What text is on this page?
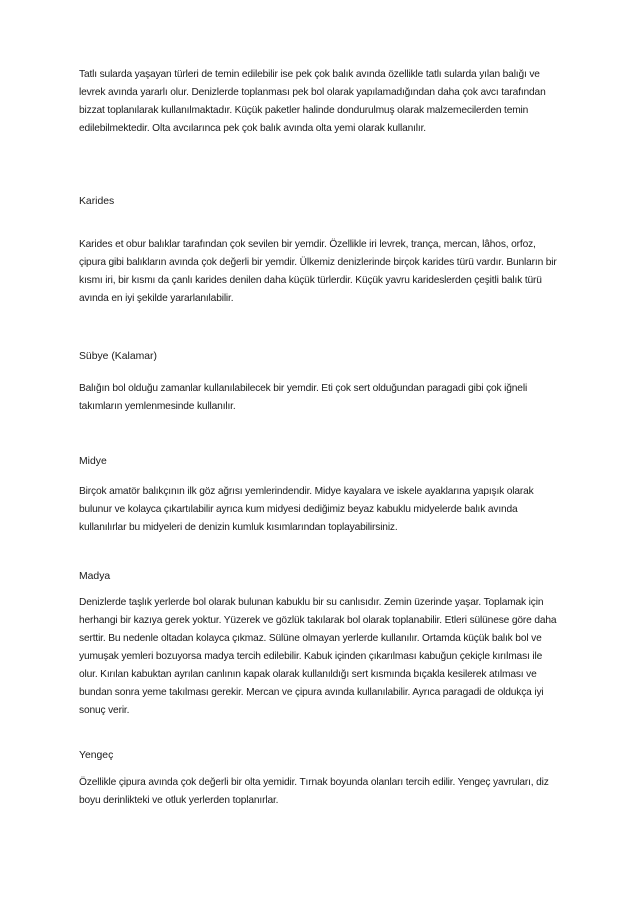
Tatlı sularda yaşayan türleri de temin edilebilir ise pek çok balık avında özellikle tatlı sularda yılan balığı ve levrek avında yararlı olur. Denizlerde toplanması pek bol olarak yapılamadığından daha çok avcı tarafından bizzat toplanılarak kullanılmaktadır. Küçük paketler halinde dondurulmuş olarak malzemecilerden temin edilebilmektedir. Olta avcılarınca pek çok balık avında olta yemi olarak kullanılır.

Karides

Karides et obur balıklar tarafından çok sevilen bir yemdir. Özellikle iri levrek, trança, mercan, lâhos, orfoz, çipura gibi balıkların avında çok değerli bir yemdir. Ülkemiz denizlerinde birçok karides türü vardır. Bunların bir kısmı iri, bir kısmı da çanlı karides denilen daha küçük türlerdir. Küçük yavru karideslerden çeşitli balık türü avında en iyi şekilde yararlanılabilir.

Sübye (Kalamar)

Balığın bol olduğu zamanlar kullanılabilecek bir yemdir. Eti çok sert olduğundan paragadi gibi çok iğneli takımların yemlenmesinde kullanılır.

Midye

Birçok amatör balıkçının ilk göz ağrısı yemlerindendir. Midye kayalara ve iskele ayaklarına yapışık olarak bulunur ve kolayca çıkartılabilir ayrıca kum midyesi dediğimiz beyaz kabuklu midyelerde balık avında kullanılırlar bu midyeleri de denizin kumluk kısımlarından toplayabilirsiniz.

Madya

Denizlerde taşlık yerlerde bol olarak bulunan kabuklu bir su canlısıdır. Zemin üzerinde yaşar. Toplamak için herhangi bir kazıya gerek yoktur. Yüzerek ve gözlük takılarak bol olarak toplanabilir. Etleri sülünese göre daha serttir. Bu nedenle oltadan kolayca çıkmaz. Sülüne olmayan yerlerde kullanılır. Ortamda küçük balık bol ve yumuşak yemleri bozuyorsa madya tercih edilebilir. Kabuk içinden çıkarılması kabuğun çekiçle kırılması ile olur. Kırılan kabuktan ayrılan canlının kapak olarak kullanıldığı sert kısmında bıçakla kesilerek atılması ve bundan sonra yeme takılması gerekir. Mercan ve çipura avında kullanılabilir. Ayrıca paragadi de oldukça iyi sonuç verir.

Yengeç

Özellikle çipura avında çok değerli bir olta yemidir. Tırnak boyunda olanları tercih edilir. Yengeç yavruları, diz boyu derinlikteki ve otluk yerlerden toplanırlar.
